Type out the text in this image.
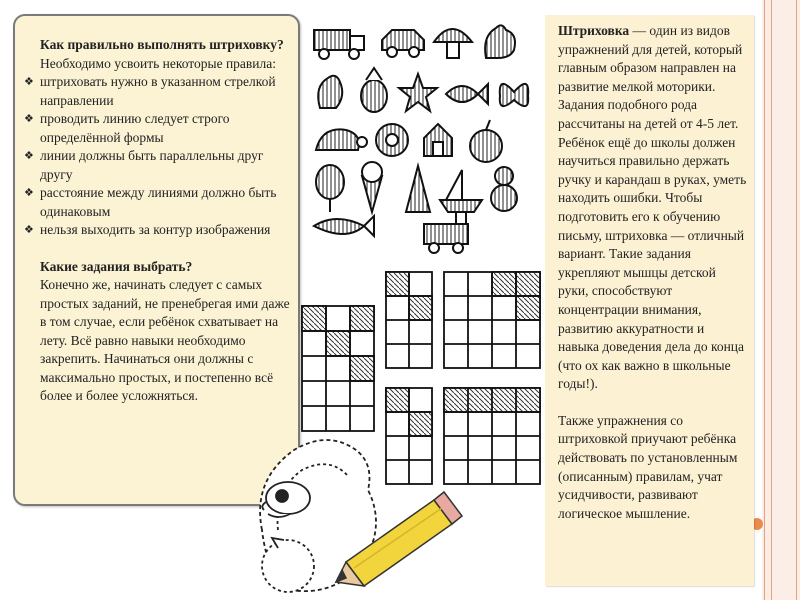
Как правильно выполнять штриховку?

Необходимо усвоить некоторые правила:

❖ штриховать нужно в указанном стрелкой направлении
❖ проводить линию следует строго определённой формы
❖ линии должны быть параллельны друг другу
❖ расстояние между линиями должно быть одинаковым
❖ нельзя выходить за контур изображения

Какие задания выбрать?

Конечно же, начинать следует с самых простых заданий, не пренебрегая ими даже в том случае, если ребёнок схватывает на лету. Всё равно навыки необходимо закрепить. Начинаться они должны с максимально простых, и постепенно всё более и более усложняться.

Штриховка — один из видов упражнений для детей, который главным образом направлен на развитие мелкой моторики. Задания подобного рода рассчитаны на детей от 4-5 лет. Ребёнок ещё до школы должен научиться правильно держать ручку и карандаш в руках, уметь находить ошибки. Чтобы подготовить его к обучению письму, штриховка — отличный вариант. Такие задания укрепляют мышцы детской руки, способствуют концентрации внимания, развитию аккуратности и навыка доведения дела до конца (что ох как важно в школьные годы!).

Также упражнения со штриховкой приучают ребёнка действовать по установленным (описанным) правилам, учат усидчивости, развивают логическое мышление.
